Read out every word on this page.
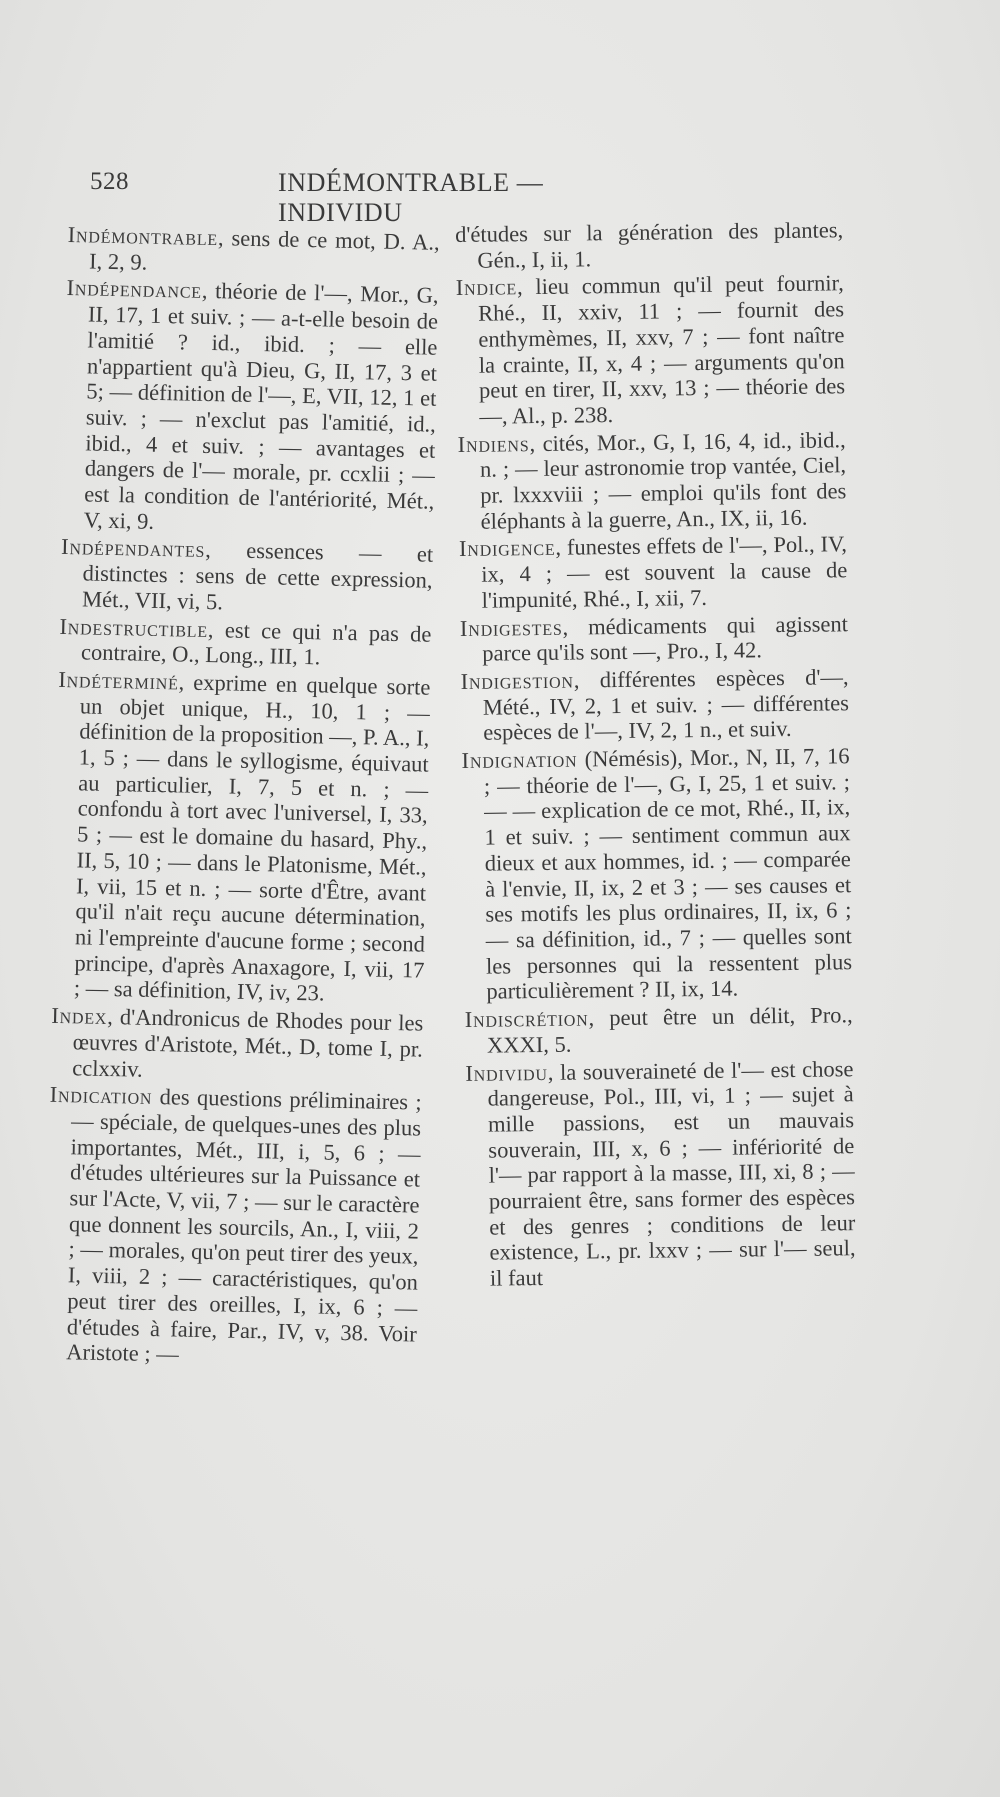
528	INDÉMONTRABLE — INDIVIDU

Indémontrable, sens de ce mot, D. A., I, 2, 9.

Indépendance, théorie de l'—, Mor., G, II, 17, 1 et suiv. ; — a-t-elle besoin de l'amitié ? id., ibid. ; — elle n'appartient qu'à Dieu, G, II, 17, 3 et 5; — définition de l'—, E, VII, 12, 1 et suiv. ; — n'exclut pas l'amitié, id., ibid., 4 et suiv. ; — avantages et dangers de l'— morale, pr. ccxlii ; — est la condition de l'antériorité, Mét., V, xi, 9.

Indépendantes, essences — et distinctes : sens de cette expression, Mét., VII, vi, 5.

Indestructible, est ce qui n'a pas de contraire, O., Long., III, 1.

Indéterminé, exprime en quelque sorte un objet unique, H., 10, 1 ; — définition de la proposition —, P. A., I, 1, 5 ; — dans le syllogisme, équivaut au particulier, I, 7, 5 et n. ; — confondu à tort avec l'universel, I, 33, 5 ; — est le domaine du hasard, Phy., II, 5, 10 ; — dans le Platonisme, Mét., I, vii, 15 et n. ; — sorte d'Être, avant qu'il n'ait reçu aucune détermination, ni l'empreinte d'aucune forme ; second principe, d'après Anaxagore, I, vii, 17 ; — sa définition, IV, iv, 23.

Index, d'Andronicus de Rhodes pour les œuvres d'Aristote, Mét., D, tome I, pr. cclxxiv.

Indication des questions préliminaires ; — spéciale, de quelques-unes des plus importantes, Mét., III, i, 5, 6 ; — d'études ultérieures sur la Puissance et sur l'Acte, V, vii, 7 ; — sur le caractère que donnent les sourcils, An., I, viii, 2 ; — morales, qu'on peut tirer des yeux, I, viii, 2 ; — caractéristiques, qu'on peut tirer des oreilles, I, ix, 6 ; — d'études à faire, Par., IV, v, 38. Voir Aristote ; —

d'études sur la génération des plantes, Gén., I, ii, 1.

Indice, lieu commun qu'il peut fournir, Rhé., II, xxiv, 11 ; — fournit des enthymèmes, II, xxv, 7 ; — font naître la crainte, II, x, 4 ; — arguments qu'on peut en tirer, II, xxv, 13 ; — théorie des —, Al., p. 238.

Indiens, cités, Mor., G, I, 16, 4, id., ibid., n. ; — leur astronomie trop vantée, Ciel, pr. lxxxviii ; — emploi qu'ils font des éléphants à la guerre, An., IX, ii, 16.

Indigence, funestes effets de l'—, Pol., IV, ix, 4 ; — est souvent la cause de l'impunité, Rhé., I, xii, 7.

Indigestes, médicaments qui agissent parce qu'ils sont —, Pro., I, 42.

Indigestion, différentes espèces d'—, Mété., IV, 2, 1 et suiv. ; — différentes espèces de l'—, IV, 2, 1 n., et suiv.

Indignation (Némésis), Mor., N, II, 7, 16 ; — théorie de l'—, G, I, 25, 1 et suiv. ; — — explication de ce mot, Rhé., II, ix, 1 et suiv. ; — sentiment commun aux dieux et aux hommes, id. ; — comparée à l'envie, II, ix, 2 et 3 ; — ses causes et ses motifs les plus ordinaires, II, ix, 6 ; — sa définition, id., 7 ; — quelles sont les personnes qui la ressentent plus particulièrement ? II, ix, 14.

Indiscrétion, peut être un délit, Pro., XXXI, 5.

Individu, la souveraineté de l'— est chose dangereuse, Pol., III, vi, 1 ; — sujet à mille passions, est un mauvais souverain, III, x, 6 ; — infériorité de l'— par rapport à la masse, III, xi, 8 ; — pourraient être, sans former des espèces et des genres ; conditions de leur existence, L., pr. lxxv ; — sur l'— seul, il faut
